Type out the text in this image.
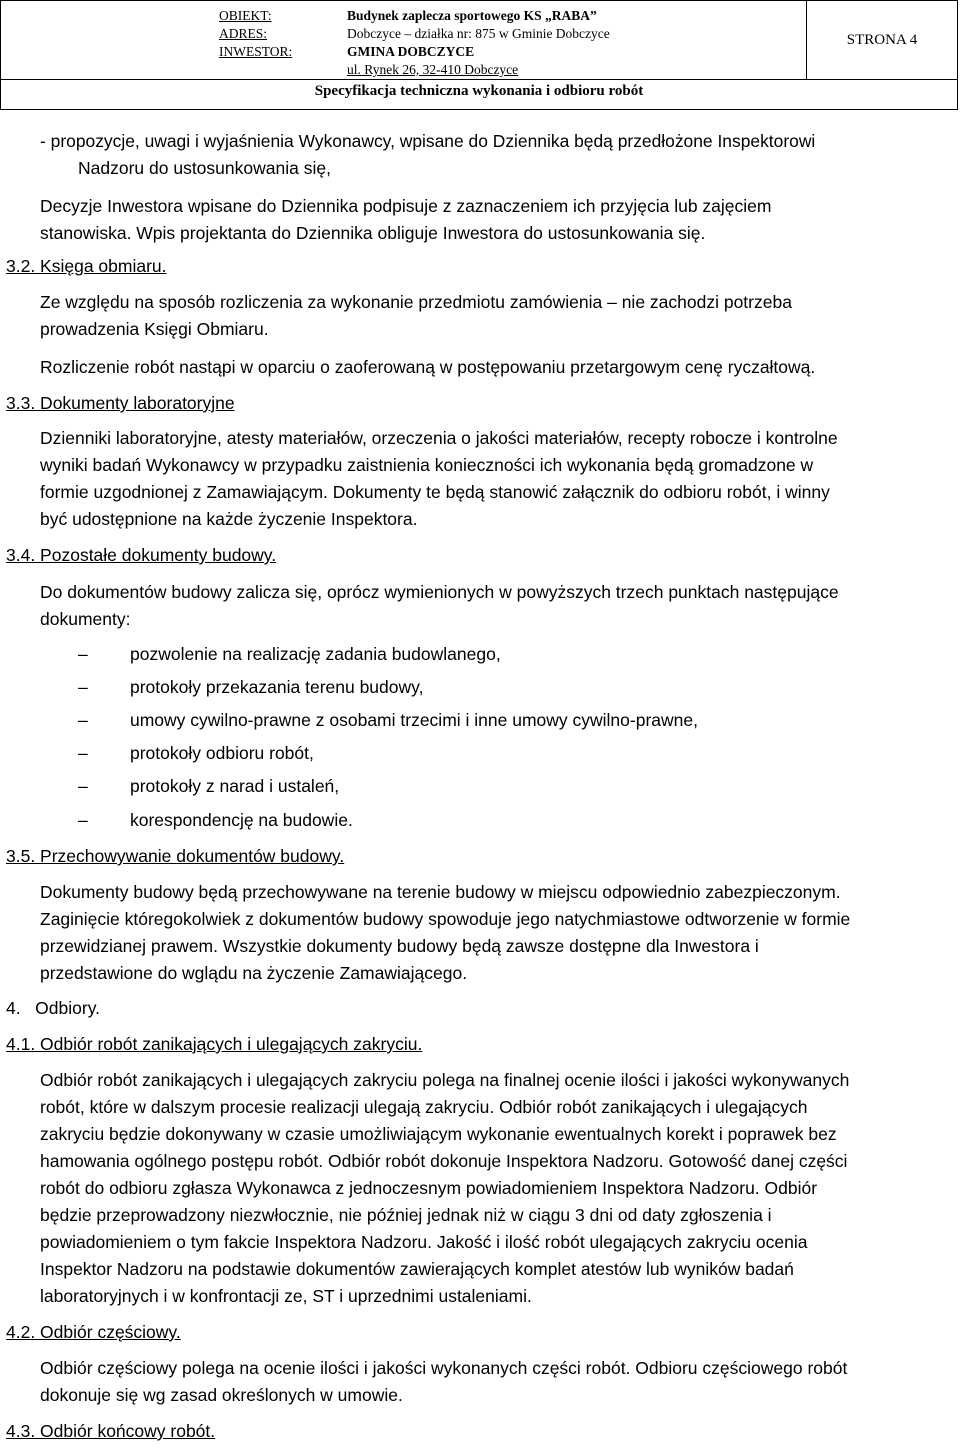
OBIEKT:	Budynek zaplecza sportowego KS „RABA”
ADRES:	Dobczyce – działka nr: 875 w Gminie Dobczyce
INWESTOR:	GMINA DOBCZYCE
ul. Rynek 26, 32-410 Dobczyce
STRONA 4
Specyfikacja techniczna wykonania i odbioru robót
- propozycje, uwagi i wyjaśnienia Wykonawcy, wpisane do Dziennika będą przedłożone Inspektorowi
Nadzoru do ustosunkowania się,
Decyzje Inwestora wpisane do Dziennika podpisuje z zaznaczeniem ich przyjęcia lub zajęciem
stanowiska. Wpis projektanta do Dziennika obliguje Inwestora do ustosunkowania się.
3.2. Księga obmiaru.
Ze względu na sposób rozliczenia za wykonanie przedmiotu zamówienia – nie zachodzi potrzeba
prowadzenia Księgi Obmiaru.
Rozliczenie robót nastąpi w oparciu o zaoferowaną w postępowaniu przetargowym cenę ryczałtową.
3.3. Dokumenty laboratoryjne
Dzienniki laboratoryjne, atesty materiałów, orzeczenia o jakości materiałów, recepty robocze i kontrolne
wyniki badań Wykonawcy w przypadku zaistnienia konieczności ich wykonania będą gromadzone w
formie uzgodnionej z Zamawiającym. Dokumenty te będą stanowić załącznik do odbioru robót, i winny
być udostępnione na każde życzenie Inspektora.
3.4. Pozostałe dokumenty budowy.
Do dokumentów budowy zalicza się, oprócz wymienionych w powyższych trzech punktach następujące
dokumenty:
– pozwolenie na realizację zadania budowlanego,
– protokoły przekazania terenu budowy,
– umowy cywilno-prawne z osobami trzecimi i inne umowy cywilno-prawne,
– protokoły odbioru robót,
– protokoły z narad i ustaleń,
– korespondencję na budowie.
3.5. Przechowywanie dokumentów budowy.
Dokumenty budowy będą przechowywane na terenie budowy w miejscu odpowiednio zabezpieczonym.
Zaginięcie któregokolwiek z dokumentów budowy spowoduje jego natychmiastowe odtworzenie w formie
przewidzianej prawem. Wszystkie dokumenty budowy będą zawsze dostępne dla Inwestora i
przedstawione do wglądu na życzenie Zamawiającego.
4.   Odbiory.
4.1. Odbiór robót zanikających i ulegających zakryciu.
Odbiór robót zanikających i ulegających zakryciu polega na finalnej ocenie ilości i jakości wykonywanych
robót, które w dalszym procesie realizacji ulegają zakryciu. Odbiór robót zanikających i ulegających
zakryciu będzie dokonywany w czasie umożliwiającym wykonanie ewentualnych korekt i poprawek bez
hamowania ogólnego postępu robót. Odbiór robót dokonuje Inspektora Nadzoru. Gotowość danej części
robót do odbioru zgłasza Wykonawca z jednoczesnym powiadomieniem Inspektora Nadzoru. Odbiór
będzie przeprowadzony niezwłocznie, nie później jednak niż w ciągu 3 dni od daty zgłoszenia i
powiadomieniem o tym fakcie Inspektora Nadzoru. Jakość i ilość robót ulegających zakryciu ocenia
Inspektor Nadzoru na podstawie dokumentów zawierających komplet atestów lub wyników badań
laboratoryjnych i w konfrontacji ze, ST i uprzednimi ustaleniami.
4.2. Odbiór częściowy.
Odbiór częściowy polega na ocenie ilości i jakości wykonanych części robót. Odbioru częściowego robót
dokonuje się wg zasad określonych w umowie.
4.3. Odbiór końcowy robót.
